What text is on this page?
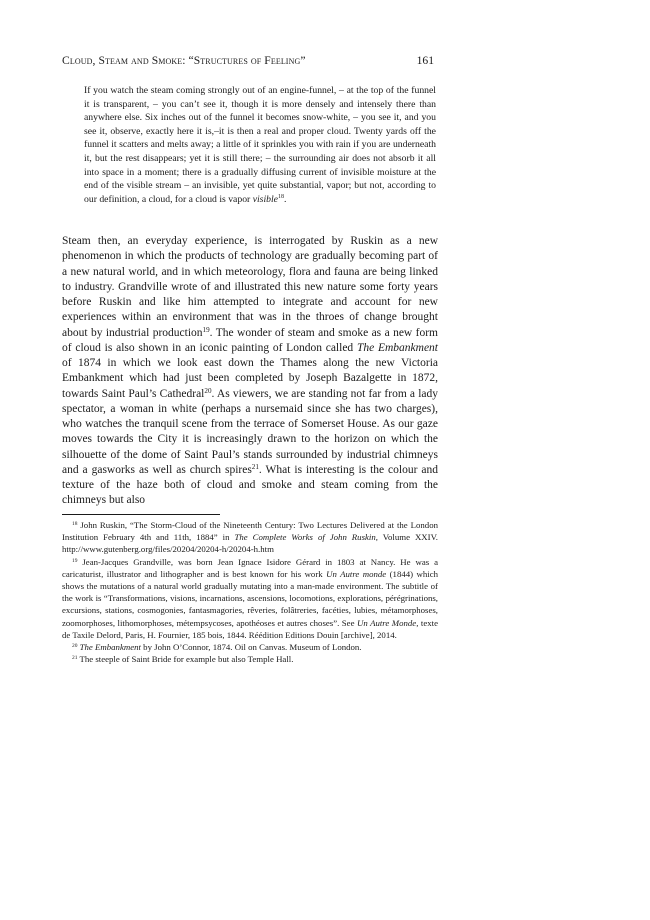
Cloud, Steam and Smoke: “Structures of Feeling”	161
If you watch the steam coming strongly out of an engine-funnel, – at the top of the funnel it is transparent, – you can’t see it, though it is more densely and intensely there than anywhere else. Six inches out of the funnel it becomes snow-white, – you see it, and you see it, observe, exactly here it is,–it is then a real and proper cloud. Twenty yards off the funnel it scatters and melts away; a little of it sprinkles you with rain if you are underneath it, but the rest disappears; yet it is still there; – the surrounding air does not absorb it all into space in a moment; there is a gradually diffusing current of invisible moisture at the end of the visible stream – an invisible, yet quite substantial, vapor; but not, according to our definition, a cloud, for a cloud is vapor visible$^{18}$.
Steam then, an everyday experience, is interrogated by Ruskin as a new phenomenon in which the products of technology are gradually becoming part of a new natural world, and in which meteorology, flora and fauna are being linked to industry. Grandville wrote of and illustrated this new nature some forty years before Ruskin and like him attempted to integrate and account for new experiences within an environment that was in the throes of change brought about by industrial production$^{19}$. The wonder of steam and smoke as a new form of cloud is also shown in an iconic painting of London called The Embankment of 1874 in which we look east down the Thames along the new Victoria Embankment which had just been completed by Joseph Bazalgette in 1872, towards Saint Paul’s Cathedral$^{20}$. As viewers, we are standing not far from a lady spectator, a woman in white (perhaps a nursemaid since she has two charges), who watches the tranquil scene from the terrace of Somerset House. As our gaze moves towards the City it is increasingly drawn to the horizon on which the silhouette of the dome of Saint Paul’s stands surrounded by industrial chimneys and a gasworks as well as church spires$^{21}$. What is interesting is the colour and texture of the haze both of cloud and smoke and steam coming from the chimneys but also
$^{18}$ John Ruskin, “The Storm-Cloud of the Nineteenth Century: Two Lectures Delivered at the London Institution February 4th and 11th, 1884” in The Complete Works of John Ruskin, Volume XXIV. http://www.gutenberg.org/files/20204/20204-h/20204-h.htm
$^{19}$ Jean-Jacques Grandville, was born Jean Ignace Isidore Gérard in 1803 at Nancy. He was a caricaturist, illustrator and lithographer and is best known for his work Un Autre monde (1844) which shows the mutations of a natural world gradually mutating into a man-made environment. The subtitle of the work is “Transformations, visions, incarnations, ascensions, locomotions, explorations, pérégrinations, excursions, stations, cosmogonies, fantasmagories, rêveries, folâtreries, facéties, lubies, métamorphoses, zoomorphoses, lithomorphoses, métempsycoses, apothéoses et autres choses”. See Un Autre Monde, texte de Taxile Delord, Paris, H. Fournier, 185 bois, 1844. Réédition Editions Douin [archive], 2014.
$^{20}$ The Embankment by John O’Connor, 1874. Oil on Canvas. Museum of London.
$^{21}$ The steeple of Saint Bride for example but also Temple Hall.
